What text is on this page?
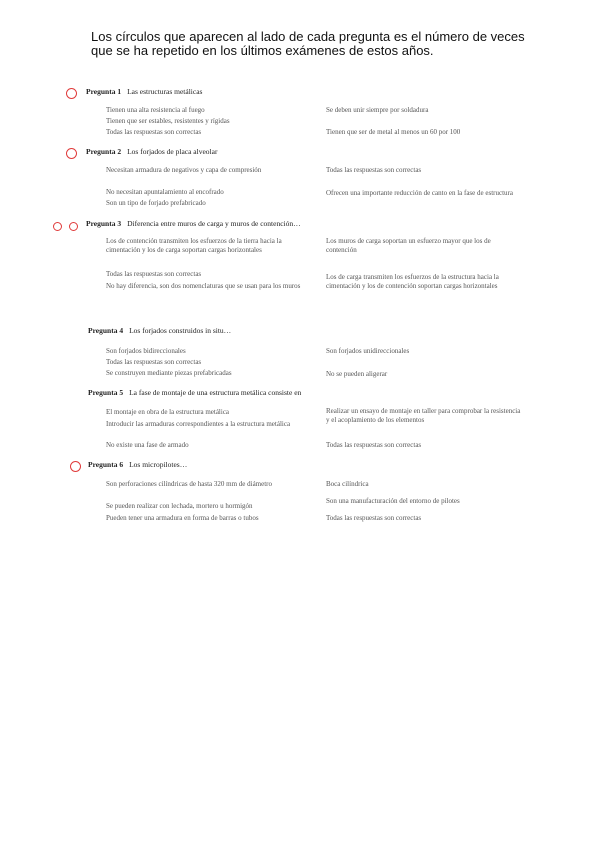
Los círculos que aparecen al lado de cada pregunta es el número de veces que se ha repetido en los últimos exámenes de estos años.
Pregunta 1 Las estructuras metálicas
Tienen una alta resistencia al fuego	Se deben unir siempre por soldadura
Tienen que ser estables, resistentes y rígidas
Todas las respuestas son correctas	Tienen que ser de metal al menos un 60 por 100
Pregunta 2 Los forjados de placa alveolar
Necesitan armadura de negativos y capa de compresión	Todas las respuestas son correctas
No necesitan apuntalamiento al encofrado	Ofrecen una importante reducción de canto en la fase de estructura
Son un tipo de forjado prefabricado
Pregunta 3 Diferencia entre muros de carga y muros de contención…
Los de contención transmiten los esfuerzos de la tierra hacia la cimentación y los de carga soportan cargas horizontales
Los muros de carga soportan un esfuerzo mayor que los de contención
Todas las respuestas son correctas	Los de carga transmiten los esfuerzos de la estructura hacia la cimentación y los de contención soportan cargas horizontales
No hay diferencia, son dos nomenclaturas que se usan para los muros
Pregunta 4 Los forjados construidos in situ…
Son forjados bidireccionales	Son forjados unidireccionales
Todas las respuestas son correctas
Se construyen mediante piezas prefabricadas	No se pueden aligerar
Pregunta 5 La fase de montaje de una estructura metálica consiste en
El montaje en obra de la estructura metálica	Realizar un ensayo de montaje en taller para comprobar la resistencia y el acoplamiento de los elementos
Introducir las armaduras correspondientes a la estructura metálica
No existe una fase de armado	Todas las respuestas son correctas
Pregunta 6 Los micropilotes…
Son perforaciones cilíndricas de hasta 320 mm de diámetro	Boca cilíndrica
Se pueden realizar con lechada, mortero u hormigón
Son una manufacturación del entorno de pilotes
Pueden tener una armadura en forma de barras o tubos	Todas las respuestas son correctas
